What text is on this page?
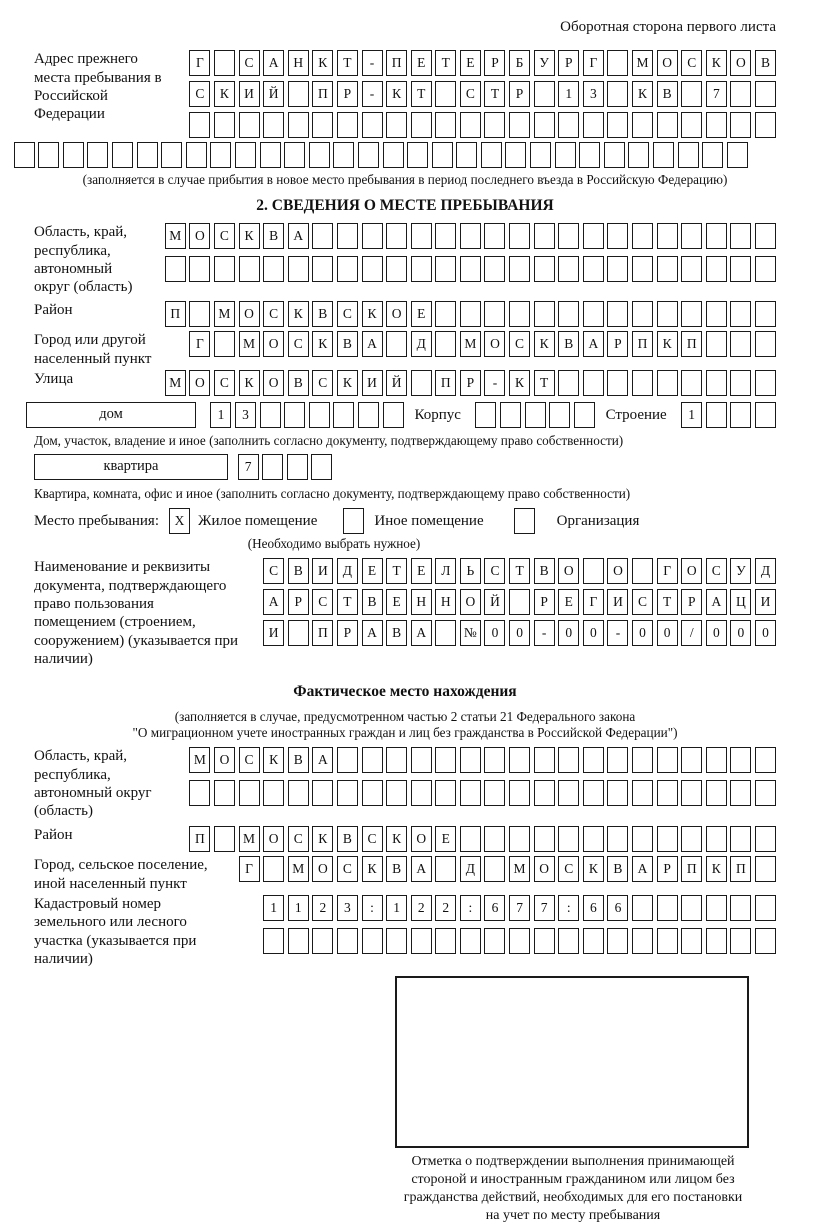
Оборотная сторона первого листа
Адрес прежнего места пребывания в Российской Федерации
Г	С	А	Н	К	Т	-	П	Е	Т	Е	Р	Б	У	Р	Г	М	О	С	К	О	В
С	К	И	Й	П	Р	-	К	Т	С	Т	Р	1	3	К	В	7
(заполняется в случае прибытия в новое место пребывания в период последнего въезда в Российскую Федерацию)
2. СВЕДЕНИЯ О МЕСТЕ ПРЕБЫВАНИЯ
Область, край, республика, автономный округ (область)
М	О	С	К	В	А
Район	П	М	О	С	К	В	С	К	О	Е
Город или другой населенный пункт
Г	М	О	С	К	В	А	Д	М	О	С	К	В	А	Р	П	К	П
Улица	М	О	С	К	О	В	С	К	И	Й	П	Р	-	К	Т
дом	1	3	Корпус	Строение	1
Дом, участок, владение и иное (заполнить согласно документу, подтверждающему право собственности)
квартира	7
Квартира, комната, офис и иное (заполнить согласно документу, подтверждающему право собственности)
Место пребывания:	X Жилое помещение	Иное помещение	Организация
(Необходимо выбрать нужное)
Наименование и реквизиты документа, подтверждающего право пользования помещением (строением, сооружением) (указывается при наличии)
С	В	И	Д	Е	Т	Е	Л	Ь	С	Т	В	О	О	Г	О	С	У	Д
А	Р	С	Т	В	Е	Н	Н	О	Й	Р	Е	Г	И	С	Т	Р	А	Ц	И
И	П	Р	А	В	А	№	0	0	-	0	0	-	0	0	/	0	0	0
Фактическое место нахождения
(заполняется в случае, предусмотренном частью 2 статьи 21 Федерального закона
"О миграционном учете иностранных граждан и лиц без гражданства в Российской Федерации")
Область, край, республика, автономный округ (область)
М	О	С	К	В	А
Район	П	М	О	С	К	В	С	К	О	Е
Город, сельское поселение, иной населенный пункт
Г	М	О	С	К	В	А	Д	М	О	С	К	В	А	Р	П	К	П
Кадастровый номер земельного или лесного участка (указывается при наличии)
1	1	2	3	:	1	2	2	:	6	7	7	:	6	6
Отметка о подтверждении выполнения принимающей
стороной и иностранным гражданином или лицом без
гражданства действий, необходимых для его постановки
на учет по месту пребывания
